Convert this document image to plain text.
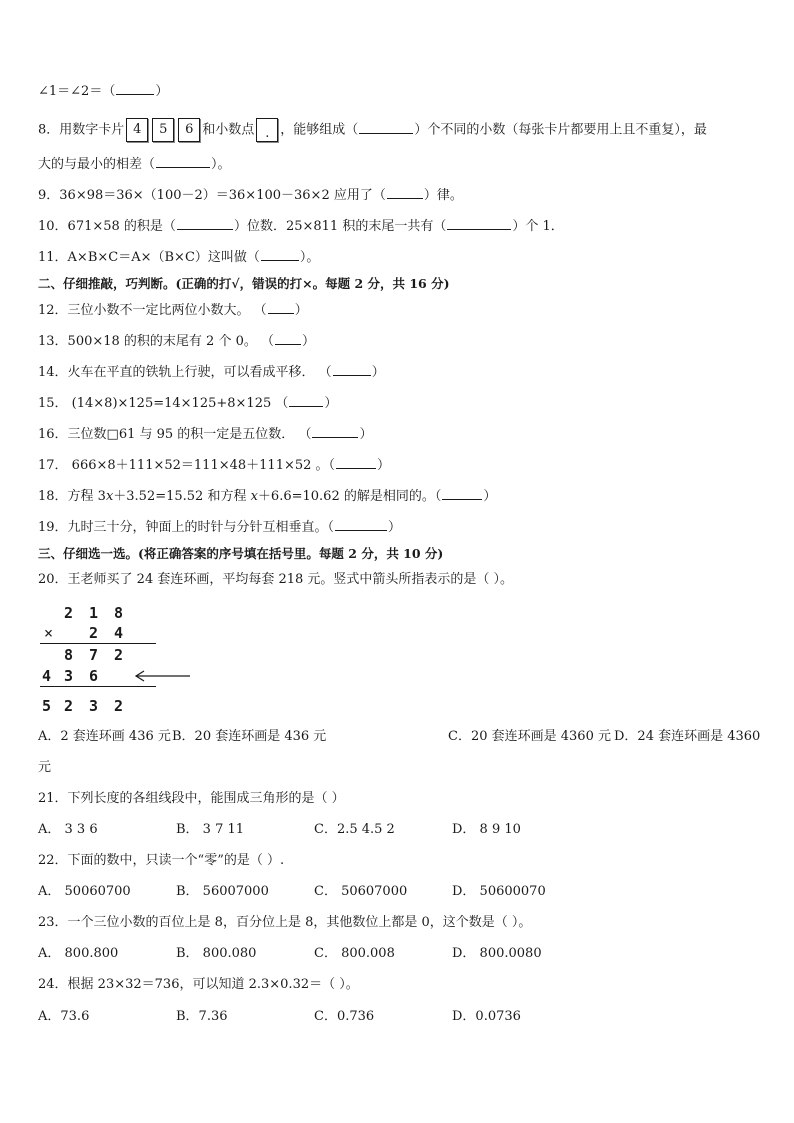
∠1＝∠2＝（	）
8．用数字卡片 4 5 6 和小数点 . ，能够组成（	）个不同的小数（每张卡片都要用上且不重复），最
大的与最小的相差（	）。
9．36×98＝36×（100－2）＝36×100－36×2 应用了（	）律。
10．671×58 的积是（	）位数．25×811 积的末尾一共有（	）个 1．
11．A×B×C＝A×（B×C）这叫做（	）。
二、仔细推敲，巧判断。(正确的打√，错误的打×。每题 2 分，共 16 分)
12．三位小数不一定比两位小数大。 （ ）
13．500×18 的积的末尾有 2 个 0。 （ ）
14．火车在平直的铁轨上行驶，可以看成平移． （	）
15． (14×8)×125=14×125+8×125 （	）
16．三位数□61 与 95 的积一定是五位数． （	）
17． 666×8＋111×52＝111×48＋111×52 。（	）
18．方程 3𝑥＋3.52=15.52 和方程 𝑥＋6.6=10.62 的解是相同的。（	）
19．九时三十分，钟面上的时针与分针互相垂直。（	）
三、仔细选一选。(将正确答案的序号填在括号里。每题 2 分，共 10 分)
20．王老师买了 24 套连环画，平均每套 218 元。竖式中箭头所指表示的是（ ）。
2 1 8
× 2 4
8 7 2
4 3 6
5 2 3 2
A．2 套连环画 436 元 B．20 套连环画是 436 元	C．20 套连环画是 4360 元 D．24 套连环画是 4360
元
21．下列长度的各组线段中，能围成三角形的是（ ）
A． 3 3 6	B． 3 7 11	C．2.5 4.5 2	D． 8 9 10
22．下面的数中，只读一个“零”的是（ ）.
A． 50060700	B． 56007000	C． 50607000	D． 50600070
23．一个三位小数的百位上是 8，百分位上是 8，其他数位上都是 0，这个数是（ ）。
A． 800.800	B． 800.080	C． 800.008	D． 800.0080
24．根据 23×32＝736，可以知道 2.3×0.32＝（ ）。
A．73.6	B．7.36	C．0.736	D．0.0736
